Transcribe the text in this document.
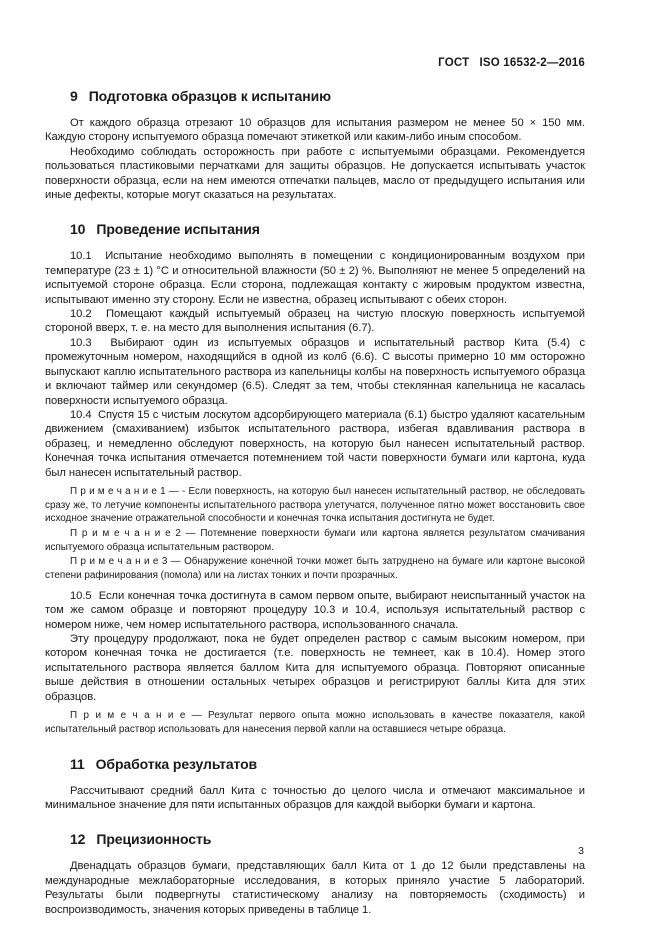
ГОСТ   ISO 16532-2—2016
9 Подготовка образцов к испытанию

От каждого образца отрезают 10 образцов для испытания размером не менее 50 × 150 мм. Каждую сторону испытуемого образца помечают этикеткой или каким-либо иным способом.

Необходимо соблюдать осторожность при работе с испытуемыми образцами. Рекомендуется пользоваться пластиковыми перчатками для защиты образцов. Не допускается испытывать участок поверхности образца, если на нем имеются отпечатки пальцев, масло от предыдущего испытания или иные дефекты, которые могут сказаться на результатах.

10 Проведение испытания

10.1  Испытание необходимо выполнять в помещении с кондиционированным воздухом при температуре (23 ± 1) °С и относительной влажности (50 ± 2) %. Выполняют не менее 5 определений на испытуемой стороне образца. Если сторона, подлежащая контакту с жировым продуктом известна, испытывают именно эту сторону. Если не известна, образец испытывают с обеих сторон.

10.2  Помещают каждый испытуемый образец на чистую плоскую поверхность испытуемой стороной вверх, т. е. на место для выполнения испытания (6.7).

10.3  Выбирают один из испытуемых образцов и испытательный раствор Кита (5.4) с промежуточным номером, находящийся в одной из колб (6.6). С высоты примерно 10 мм осторожно выпускают каплю испытательного раствора из капельницы колбы на поверхность испытуемого образца и включают таймер или секундомер (6.5). Следят за тем, чтобы стеклянная капельница не касалась поверхности испытуемого образца.

10.4  Спустя 15 с чистым лоскутом адсорбирующего материала (6.1) быстро удаляют касательным движением (смахиванием) избыток испытательного раствора, избегая вдавливания раствора в образец, и немедленно обследуют поверхность, на которую был нанесен испытательный раствор. Конечная точка испытания отмечается потемнением той части поверхности бумаги или картона, куда был нанесен испытательный раствор.

П р и м е ч а н и е 1 — - Если поверхность, на которую был нанесен испытательный раствор, не обследовать сразу же, то летучие компоненты испытательного раствора улетучатся, полученное пятно может восстановить свое исходное значение отражательной способности и конечная точка испытания достигнута не будет.

П р и м е ч а н и е 2 — Потемнение поверхности бумаги или картона является результатом смачивания испытуемого образца испытательным раствором.

П р и м е ч а н и е 3 — Обнаружение конечной точки может быть затруднено на бумаге или картоне высокой степени рафинирования (помола) или на листах тонких и почти прозрачных.

10.5  Если конечная точка достигнута в самом первом опыте, выбирают неиспытанный участок на том же самом образце и повторяют процедуру 10.3 и 10.4, используя испытательный раствор с номером ниже, чем номер испытательного раствора, использованного сначала.

Эту процедуру продолжают, пока не будет определен раствор с самым высоким номером, при котором конечная точка не достигается (т.е. поверхность не темнеет, как в 10.4). Номер этого испытательного раствора является баллом Кита для испытуемого образца. Повторяют описанные выше действия в отношении остальных четырех образцов и регистрируют баллы Кита для этих образцов.

П р и м е ч а н и е — Результат первого опыта можно использовать в качестве показателя, какой испытательный раствор использовать для нанесения первой капли на оставшиеся четыре образца.

11 Обработка результатов

Рассчитывают средний балл Кита с точностью до целого числа и отмечают максимальное и минимальное значение для пяти испытанных образцов для каждой выборки бумаги и картона.

12 Прецизионность

Двенадцать образцов бумаги, представляющих балл Кита от 1 до 12 были представлены на международные межлабораторные исследования, в которых приняло участие 5 лабораторий. Результаты были подвергнуты статистическому анализу на повторяемость (сходимость) и воспроизводимость, значения которых приведены в таблице 1.

3
